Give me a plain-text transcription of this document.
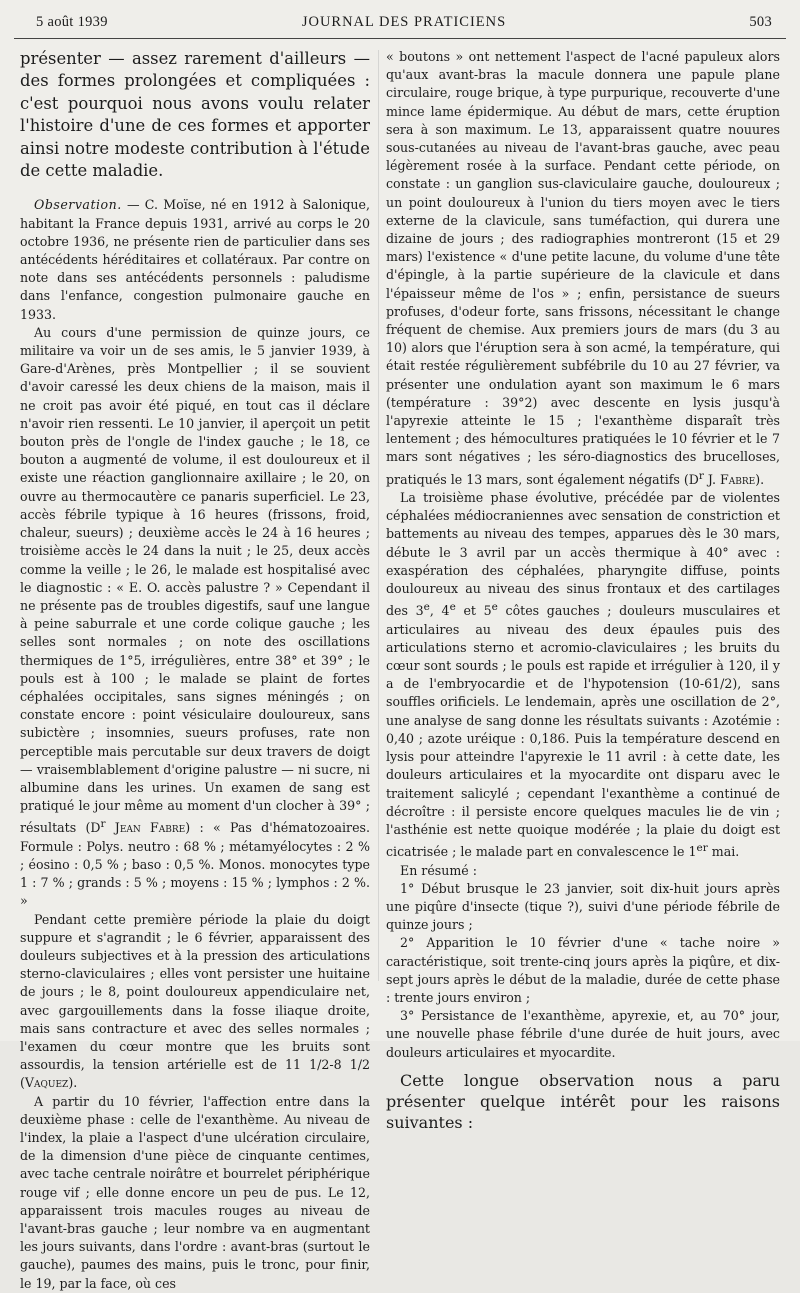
5 août 1939	JOURNAL DES PRATICIENS	503

présenter — assez rarement d'ailleurs — des formes prolongées et compliquées : c'est pourquoi nous avons voulu relater l'histoire d'une de ces formes et apporter ainsi notre modeste contribution à l'étude de cette maladie.

Observation. — C. Moïse, né en 1912 à Salonique, habitant la France depuis 1931, arrivé au corps le 20 octobre 1936, ne présente rien de particulier dans ses antécédents héréditaires et collatéraux. Par contre on note dans ses antécédents personnels : paludisme dans l'enfance, congestion pulmonaire gauche en 1933.

Au cours d'une permission de quinze jours, ce militaire va voir un de ses amis, le 5 janvier 1939, à Gare-d'Arènes, près Montpellier ; il se souvient d'avoir caressé les deux chiens de la maison, mais il ne croit pas avoir été piqué, en tout cas il déclare n'avoir rien ressenti. Le 10 janvier, il aperçoit un petit bouton près de l'ongle de l'index gauche ; le 18, ce bouton a augmenté de volume, il est douloureux et il existe une réaction ganglionnaire axillaire ; le 20, on ouvre au thermocautère ce panaris superficiel. Le 23, accès fébrile typique à 16 heures (frissons, froid, chaleur, sueurs) ; deuxième accès le 24 à 16 heures ; troisième accès le 24 dans la nuit ; le 25, deux accès comme la veille ; le 26, le malade est hospitalisé avec le diagnostic : « E. O. accès palustre ? » Cependant il ne présente pas de troubles digestifs, sauf une langue à peine saburrale et une corde colique gauche ; les selles sont normales ; on note des oscillations thermiques de 1°5, irrégulières, entre 38° et 39° ; le pouls est à 100 ; le malade se plaint de fortes céphalées occipitales, sans signes méningés ; on constate encore : point vésiculaire douloureux, sans subictère ; insomnies, sueurs profuses, rate non perceptible mais percutable sur deux travers de doigt — vraisemblablement d'origine palustre — ni sucre, ni albumine dans les urines. Un examen de sang est pratiqué le jour même au moment d'un clocher à 39° ; résultats ($D^r$ Jean Fabre) : « Pas d'hématozoaires. Formule : Polys. neutro : 68 % ; métamyélocytes : 2 % ; éosino : 0,5 % ; baso : 0,5 %. Monos. monocytes type 1 : 7 % ; grands : 5 % ; moyens : 15 % ; lymphos : 2 %. »

Pendant cette première période la plaie du doigt suppure et s'agrandit ; le 6 février, apparaissent des douleurs subjectives et à la pression des articulations sterno-claviculaires ; elles vont persister une huitaine de jours ; le 8, point douloureux appendiculaire net, avec gargouillements dans la fosse iliaque droite, mais sans contracture et avec des selles normales ; l'examen du cœur montre que les bruits sont assourdis, la tension artérielle est de 11 1/2-8 1/2 (Vaquez).

A partir du 10 février, l'affection entre dans la deuxième phase : celle de l'exanthème. Au niveau de l'index, la plaie a l'aspect d'une ulcération circulaire, de la dimension d'une pièce de cinquante centimes, avec tache centrale noirâtre et bourrelet périphérique rouge vif ; elle donne encore un peu de pus. Le 12, apparaissent trois macules rouges au niveau de l'avant-bras gauche ; leur nombre va en augmentant les jours suivants, dans l'ordre : avant-bras (surtout le gauche), paumes des mains, puis le tronc, pour finir, le 19, par la face, où ces

« boutons » ont nettement l'aspect de l'acné papuleux alors qu'aux avant-bras la macule donnera une papule plane circulaire, rouge brique, à type purpurique, recouverte d'une mince lame épidermique. Au début de mars, cette éruption sera à son maximum. Le 13, apparaissent quatre nouures sous-cutanées au niveau de l'avant-bras gauche, avec peau légèrement rosée à la surface. Pendant cette période, on constate : un ganglion sus-claviculaire gauche, douloureux ; un point douloureux à l'union du tiers moyen avec le tiers externe de la clavicule, sans tuméfaction, qui durera une dizaine de jours ; des radiographies montreront (15 et 29 mars) l'existence « d'une petite lacune, du volume d'une tête d'épingle, à la partie supérieure de la clavicule et dans l'épaisseur même de l'os » ; enfin, persistance de sueurs profuses, d'odeur forte, sans frissons, nécessitant le change fréquent de chemise. Aux premiers jours de mars (du 3 au 10) alors que l'éruption sera à son acmé, la température, qui était restée régulièrement subfébrile du 10 au 27 février, va présenter une ondulation ayant son maximum le 6 mars (température : 39°2) avec descente en lysis jusqu'à l'apyrexie atteinte le 15 ; l'exanthème disparaît très lentement ; des hémocultures pratiquées le 10 février et le 7 mars sont négatives ; les séro-diagnostics des brucelloses, pratiqués le 13 mars, sont également négatifs ($D^r$ J. Fabre).

La troisième phase évolutive, précédée par de violentes céphalées médiocraniennes avec sensation de constriction et battements au niveau des tempes, apparues dès le 30 mars, débute le 3 avril par un accès thermique à 40° avec : exaspération des céphalées, pharyngite diffuse, points douloureux au niveau des sinus frontaux et des cartilages des 3e, 4e et 5e côtes gauches ; douleurs musculaires et articulaires au niveau des deux épaules puis des articulations sterno et acromio-claviculaires ; les bruits du cœur sont sourds ; le pouls est rapide et irrégulier à 120, il y a de l'embryocardie et de l'hypotension (10-61/2), sans souffles orificiels. Le lendemain, après une oscillation de 2°, une analyse de sang donne les résultats suivants : Azotémie : 0,40 ; azote uréique : 0,186. Puis la température descend en lysis pour atteindre l'apyrexie le 11 avril : à cette date, les douleurs articulaires et la myocardite ont disparu avec le traitement salicylé ; cependant l'exanthème a continué de décroître : il persiste encore quelques macules lie de vin ; l'asthénie est nette quoique modérée ; la plaie du doigt est cicatrisée ; le malade part en convalescence le 1er mai.

En résumé :

1° Début brusque le 23 janvier, soit dix-huit jours après une piqûre d'insecte (tique ?), suivi d'une période fébrile de quinze jours ;

2° Apparition le 10 février d'une « tache noire » caractéristique, soit trente-cinq jours après la piqûre, et dix-sept jours après le début de la maladie, durée de cette phase : trente jours environ ;

3° Persistance de l'exanthème, apyrexie, et, au 70° jour, une nouvelle phase fébrile d'une durée de huit jours, avec douleurs articulaires et myocardite.

Cette longue observation nous a paru présenter quelque intérêt pour les raisons suivantes :
